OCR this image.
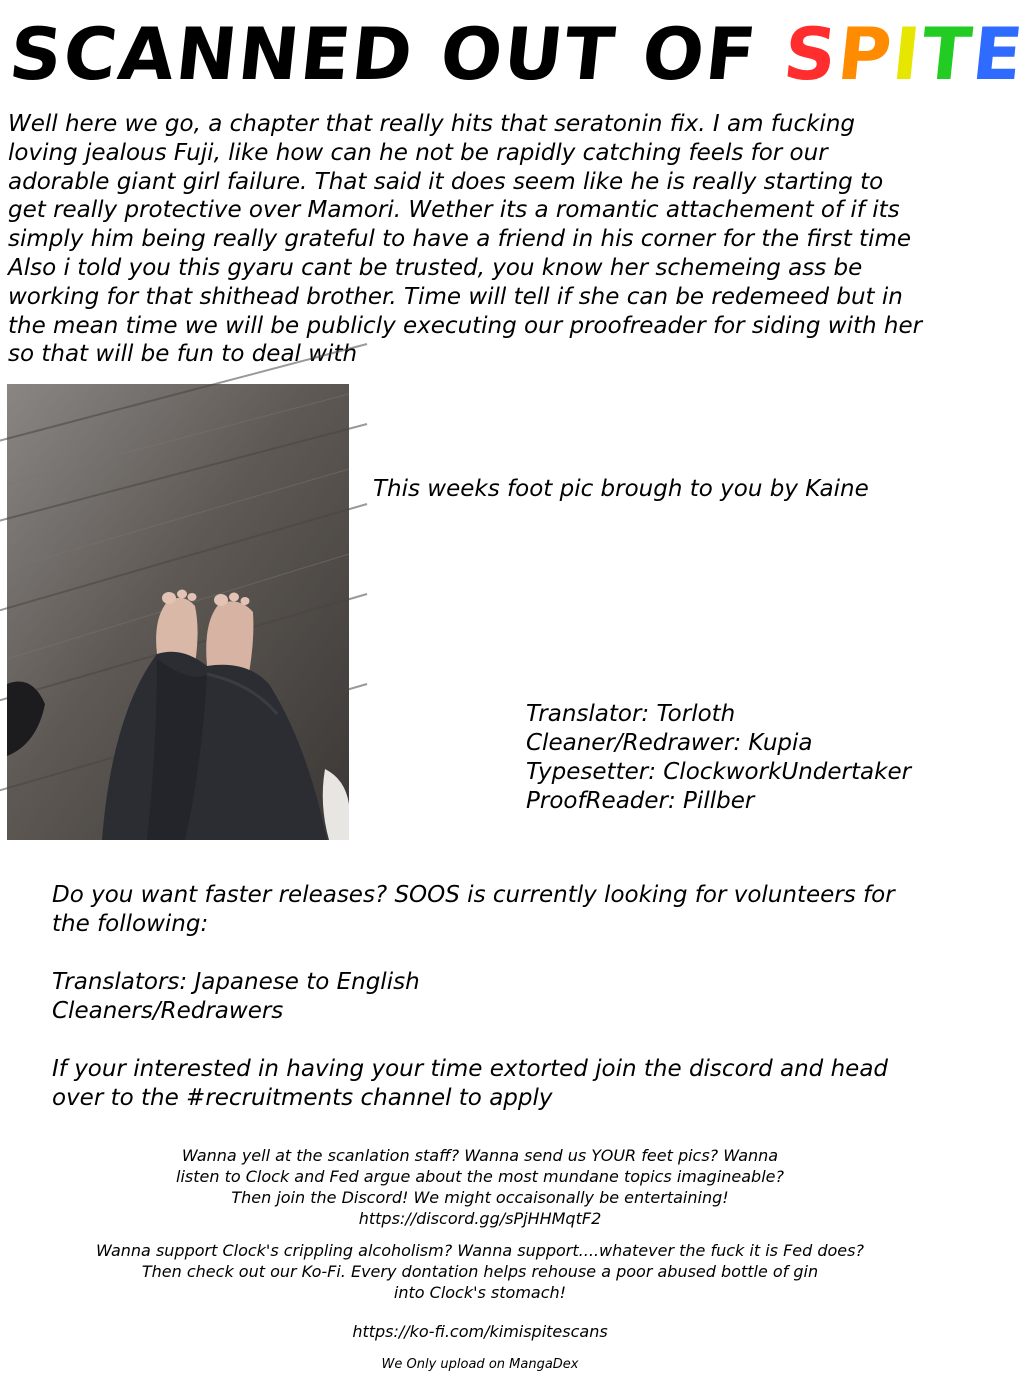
SCANNED OUT OF SPITE
Well here we go, a chapter that really hits that seratonin fix. I am fucking
loving jealous Fuji, like how can he not be rapidly catching feels for our
adorable giant girl failure. That said it does seem like he is really starting to
get really protective over Mamori. Wether its a romantic attachement of if its
simply him being really grateful to have a friend in his corner for the first time
Also i told you this gyaru cant be trusted, you know her schemeing ass be
working for that shithead brother. Time will tell if she can be redemeed but in
the mean time we will be publicly executing our proofreader for siding with her
so that will be fun to deal with
This weeks foot pic brough to you by Kaine
Translator: Torloth
Cleaner/Redrawer: Kupia
Typesetter: ClockworkUndertaker
ProofReader: Pillber

Do you want faster releases? SOOS is currently looking for volunteers for

the following:

Translators: Japanese to English

Cleaners/Redrawers

If your interested in having your time extorted join the discord and head

over to the #recruitments channel to apply

Wanna yell at the scanlation staff? Wanna send us YOUR feet pics? Wanna
listen to Clock and Fed argue about the most mundane topics imagineable?
Then join the Discord! We might occaisonally be entertaining!
https://discord.gg/sPjHHMqtF2
Wanna support Clock's crippling alcoholism? Wanna support....whatever the fuck it is Fed does?
Then check out our Ko-Fi. Every dontation helps rehouse a poor abused bottle of gin
into Clock's stomach!
https://ko-fi.com/kimispitescans
We Only upload on MangaDex
